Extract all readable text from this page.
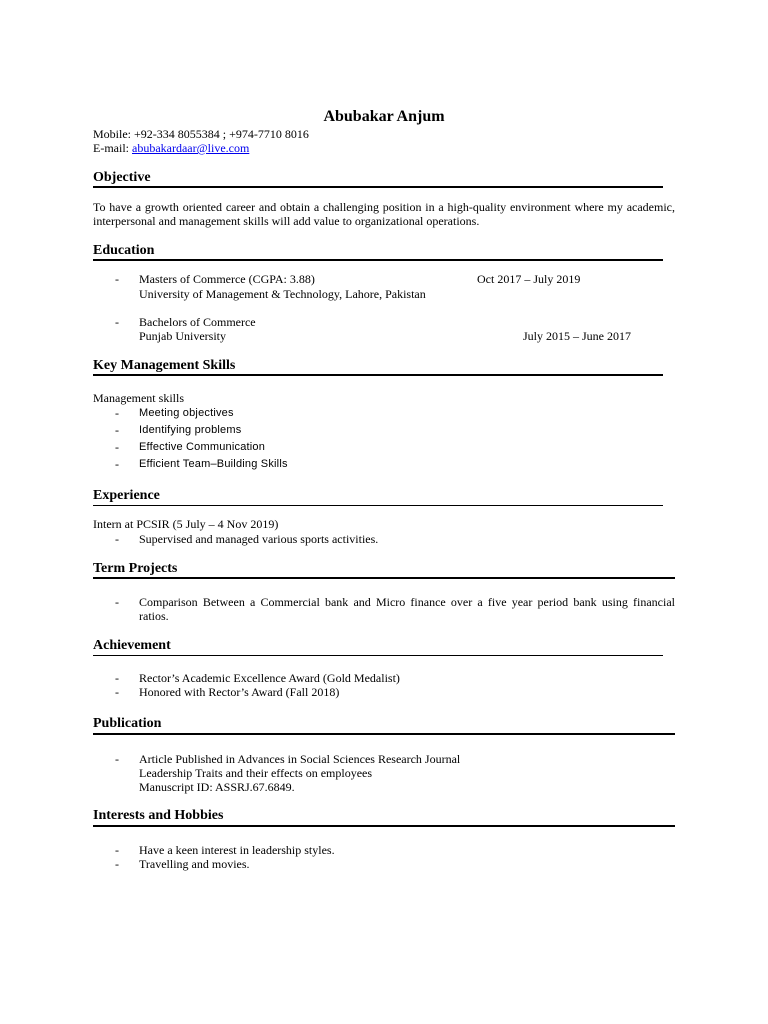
Abubakar Anjum
Mobile: +92-334 8055384 ; +974-7710 8016
E-mail: abubakardaar@live.com
Objective
To have a growth oriented career and obtain a challenging position in a high-quality environment where my academic, interpersonal and management skills will add value to organizational operations.
Education
- Masters of Commerce (CGPA: 3.88)	Oct 2017 – July 2019
University of Management & Technology, Lahore, Pakistan
- Bachelors of Commerce
Punjab University	July 2015 – June 2017
Key Management Skills
Management skills
- Meeting objectives
- Identifying problems
- Effective Communication
- Efficient Team–Building Skills
Experience
Intern at PCSIR (5 July – 4 Nov 2019)
- Supervised and managed various sports activities.
Term Projects
- Comparison Between a Commercial bank and Micro finance over a five year period bank using financial ratios.
Achievement
- Rector’s Academic Excellence Award (Gold Medalist)
- Honored with Rector’s Award (Fall 2018)
Publication
- Article Published in Advances in Social Sciences Research Journal
Leadership Traits and their effects on employees
Manuscript ID: ASSRJ.67.6849.
Interests and Hobbies
- Have a keen interest in leadership styles.
- Travelling and movies.
